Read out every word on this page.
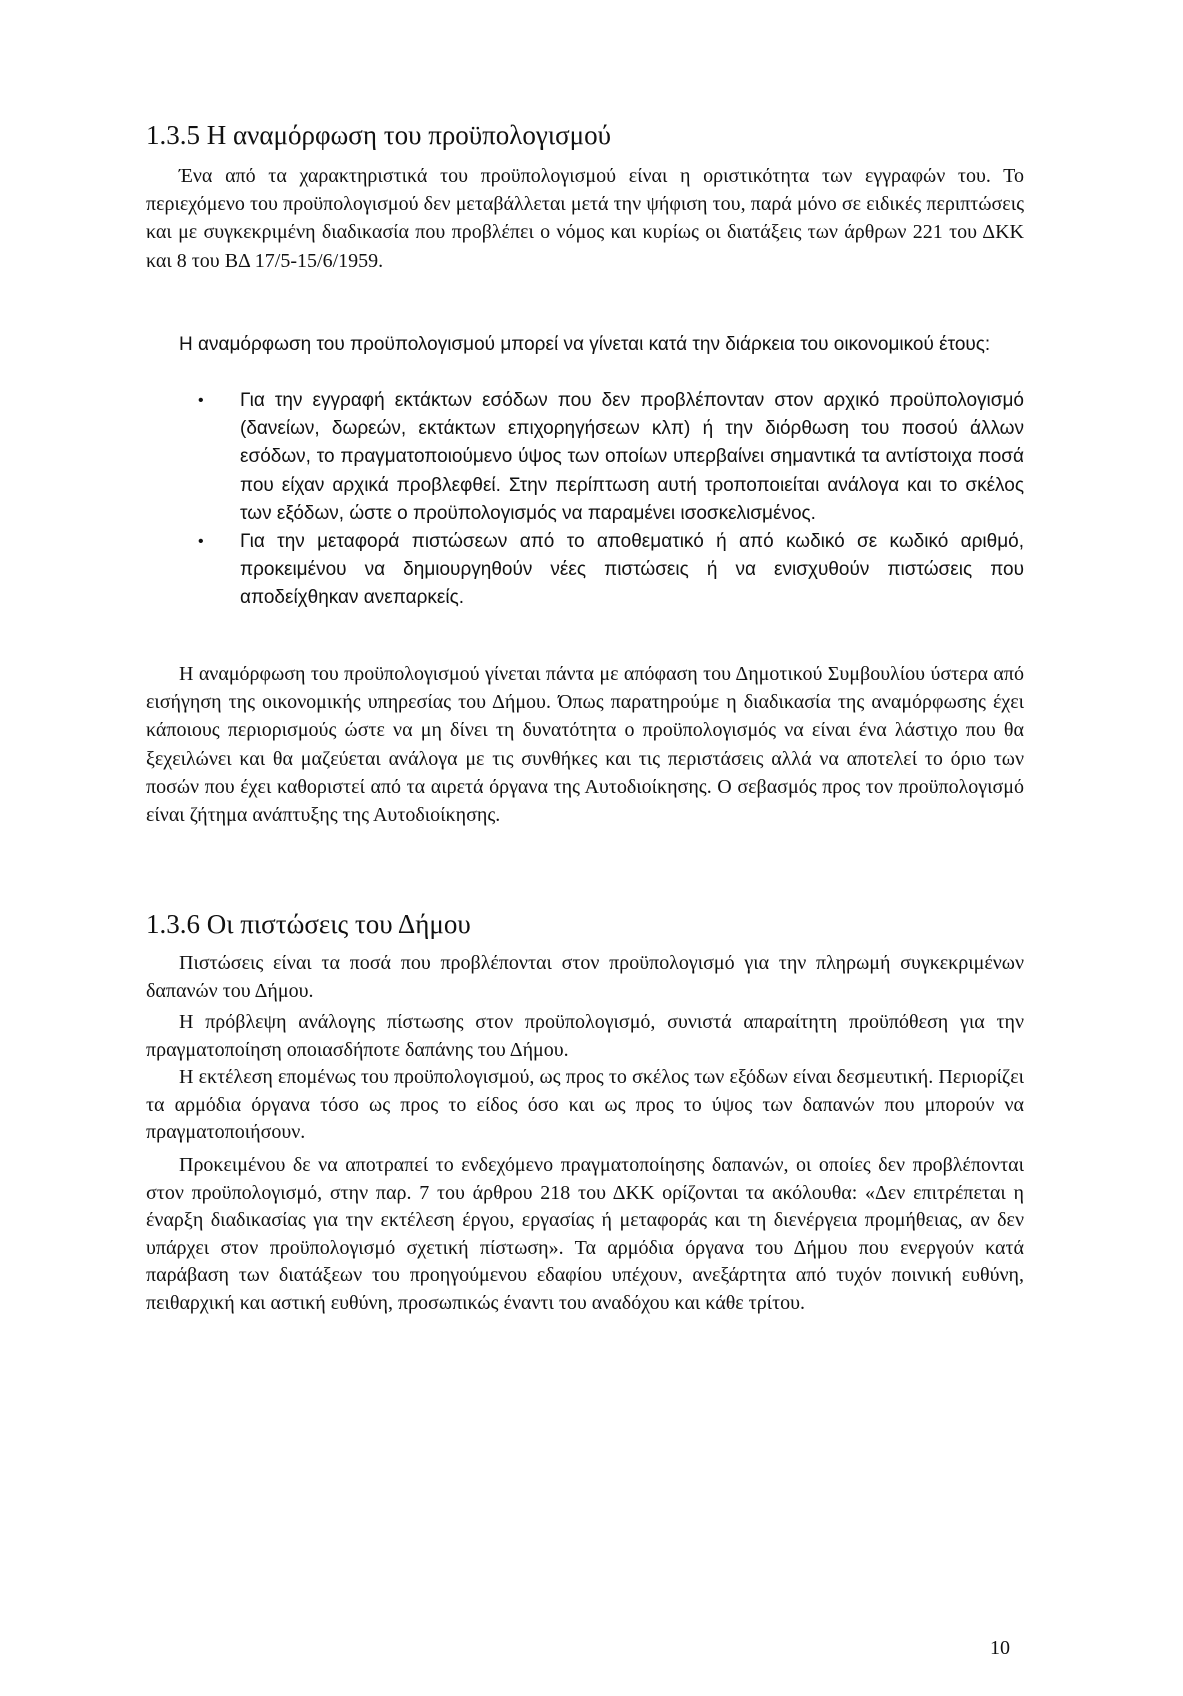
1.3.5 Η αναμόρφωση του προϋπολογισμού

Ένα από τα χαρακτηριστικά του προϋπολογισμού είναι η οριστικότητα των εγγραφών του. Το περιεχόμενο του προϋπολογισμού δεν μεταβάλλεται μετά την ψήφιση του, παρά μόνο σε ειδικές περιπτώσεις και με συγκεκριμένη διαδικασία που προβλέπει ο νόμος και κυρίως οι διατάξεις των άρθρων 221 του ΔΚΚ και 8 του ΒΔ 17/5-15/6/1959.

Η αναμόρφωση του προϋπολογισμού μπορεί να γίνεται κατά την διάρκεια του οικονομικού έτους:

• Για την εγγραφή εκτάκτων εσόδων που δεν προβλέπονταν στον αρχικό προϋπολογισμό (δανείων, δωρεών, εκτάκτων επιχορηγήσεων κλπ) ή την διόρθωση του ποσού άλλων εσόδων, το πραγματοποιούμενο ύψος των οποίων υπερβαίνει σημαντικά τα αντίστοιχα ποσά που είχαν αρχικά προβλεφθεί. Στην περίπτωση αυτή τροποποιείται ανάλογα και το σκέλος των εξόδων, ώστε ο προϋπολογισμός να παραμένει ισοσκελισμένος.
• Για την μεταφορά πιστώσεων από το αποθεματικό ή από κωδικό σε κωδικό αριθμό, προκειμένου να δημιουργηθούν νέες πιστώσεις ή να ενισχυθούν πιστώσεις που αποδείχθηκαν ανεπαρκείς.

Η αναμόρφωση του προϋπολογισμού γίνεται πάντα με απόφαση του Δημοτικού Συμβουλίου ύστερα από εισήγηση της οικονομικής υπηρεσίας του Δήμου. Όπως παρατηρούμε η διαδικασία της αναμόρφωσης έχει κάποιους περιορισμούς ώστε να μη δίνει τη δυνατότητα ο προϋπολογισμός να είναι ένα λάστιχο που θα ξεχειλώνει και θα μαζεύεται ανάλογα με τις συνθήκες και τις περιστάσεις αλλά να αποτελεί το όριο των ποσών που έχει καθοριστεί από τα αιρετά όργανα της Αυτοδιοίκησης. Ο σεβασμός προς τον προϋπολογισμό είναι ζήτημα ανάπτυξης της Αυτοδιοίκησης.

1.3.6 Οι πιστώσεις του Δήμου

Πιστώσεις είναι τα ποσά που προβλέπονται στον προϋπολογισμό για την πληρωμή συγκεκριμένων δαπανών του Δήμου.

Η πρόβλεψη ανάλογης πίστωσης στον προϋπολογισμό, συνιστά απαραίτητη προϋπόθεση για την πραγματοποίηση οποιασδήποτε δαπάνης του Δήμου.

Η εκτέλεση επομένως του προϋπολογισμού, ως προς το σκέλος των εξόδων είναι δεσμευτική. Περιορίζει τα αρμόδια όργανα τόσο ως προς το είδος όσο και ως προς το ύψος των δαπανών που μπορούν να πραγματοποιήσουν.

Προκειμένου δε να αποτραπεί το ενδεχόμενο πραγματοποίησης δαπανών, οι οποίες δεν προβλέπονται στον προϋπολογισμό, στην παρ. 7 του άρθρου 218 του ΔΚΚ ορίζονται τα ακόλουθα: «Δεν επιτρέπεται η έναρξη διαδικασίας για την εκτέλεση έργου, εργασίας ή μεταφοράς και τη διενέργεια προμήθειας, αν δεν υπάρχει στον προϋπολογισμό σχετική πίστωση». Τα αρμόδια όργανα του Δήμου που ενεργούν κατά παράβαση των διατάξεων του προηγούμενου εδαφίου υπέχουν, ανεξάρτητα από τυχόν ποινική ευθύνη, πειθαρχική και αστική ευθύνη, προσωπικώς έναντι του αναδόχου και κάθε τρίτου.

10
